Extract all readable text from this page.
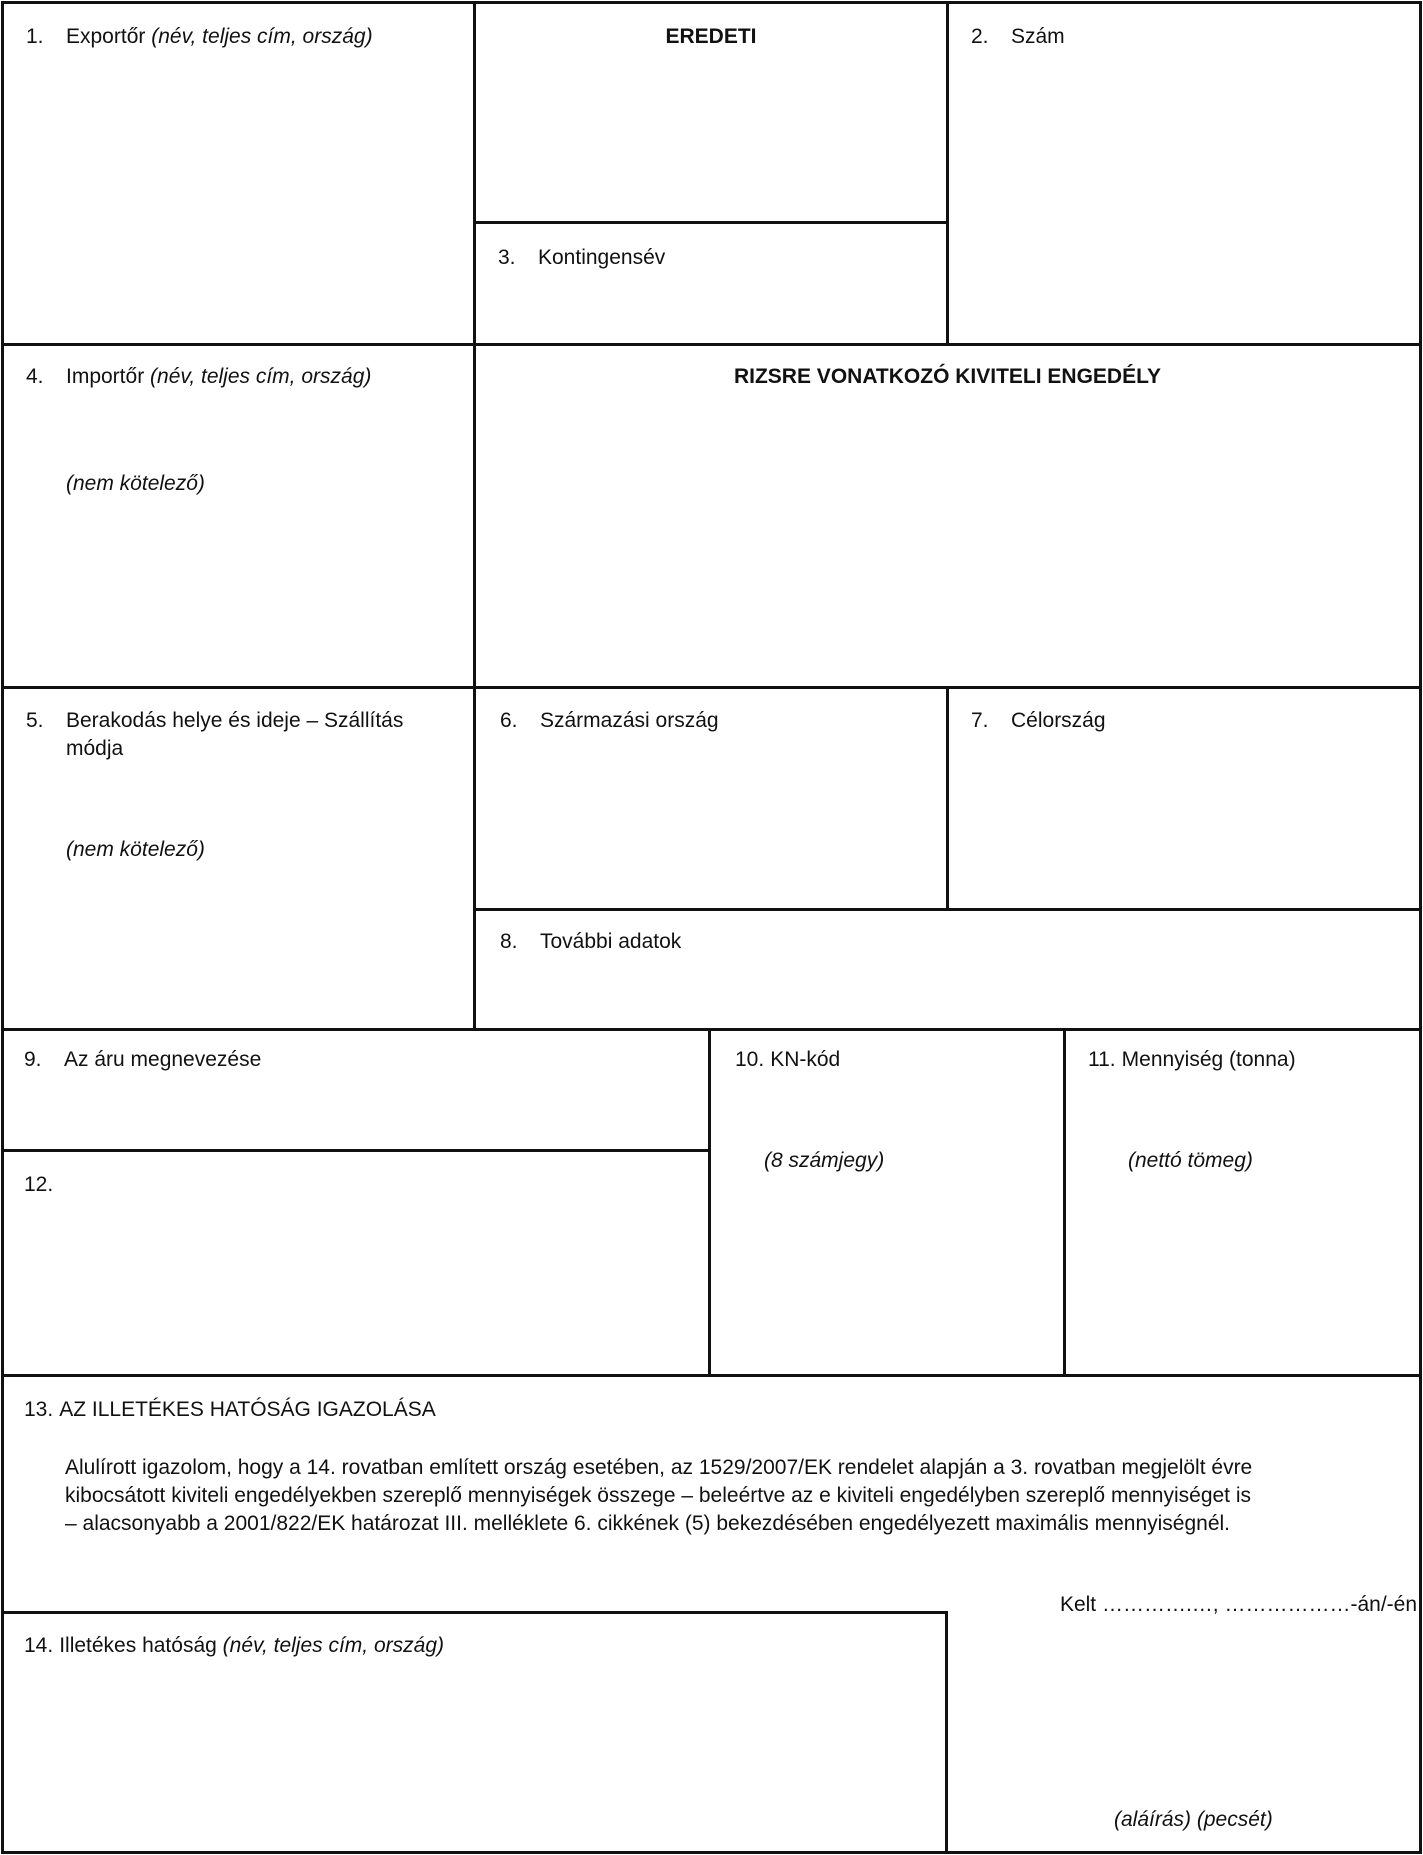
1. Exportőr (név, teljes cím, ország)	EREDETI	2. Szám
3. Kontingensév
4. Importőr (név, teljes cím, ország)
(nem kötelező)
RIZSRE VONATKOZÓ KIVITELI ENGEDÉLY
5. Berakodás helye és ideje – Szállítás
módja
(nem kötelező)
6. Származási ország	7. Célország
8. További adatok
9. Az áru megnevezése
12.
10. KN-kód
(8 számjegy)
11. Mennyiség (tonna)
(nettó tömeg)
13. AZ ILLETÉKES HATÓSÁG IGAZOLÁSA
Alulírott igazolom, hogy a 14. rovatban említett ország esetében, az 1529/2007/EK rendelet alapján a 3. rovatban megjelölt évre
kibocsátott kiviteli engedélyekben szereplő mennyiségek összege – beleértve az e kiviteli engedélyben szereplő mennyiséget is
– alacsonyabb a 2001/822/EK határozat III. melléklete 6. cikkének (5) bekezdésében engedélyezett maximális mennyiségnél.
14. Illetékes hatóság (név, teljes cím, ország)
Kelt ………….…, ………………-án/-én
(aláírás) (pecsét)
